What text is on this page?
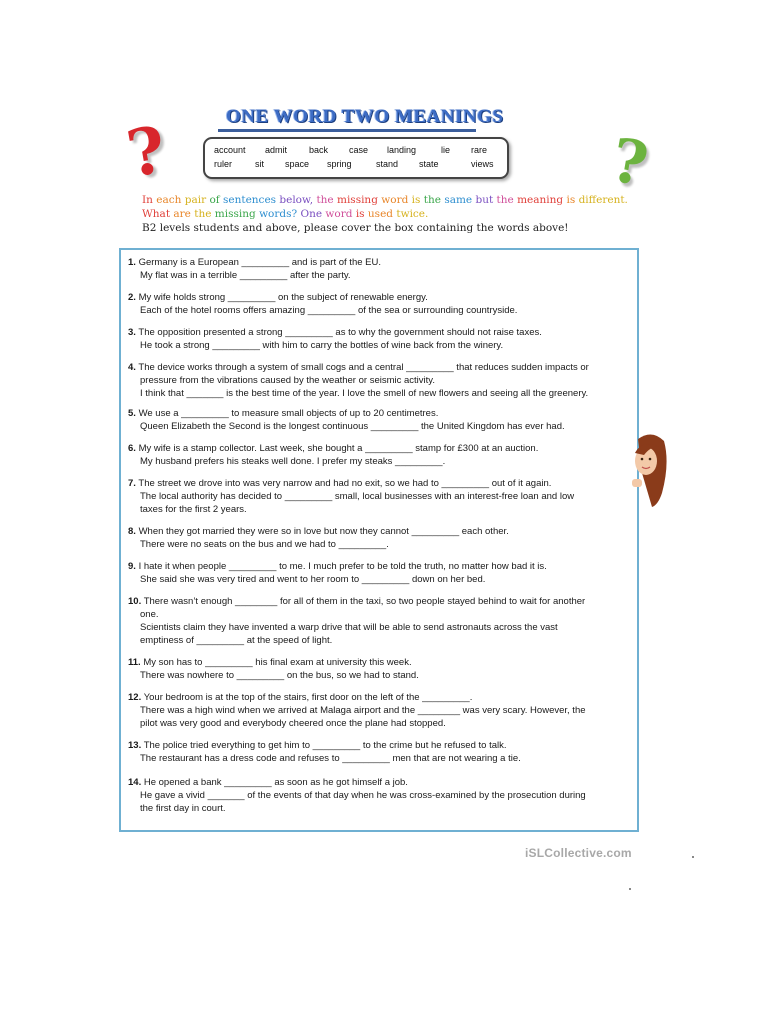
ONE WORD TWO MEANINGS
?	?
account admit back case landing	lie rare
ruler	sit space spring	stand state	views
In each pair of sentences below, the missing word is the same but the meaning is different.
What are the missing words? One word is used twice.
B2 levels students and above, please cover the box containing the words above!
1. Germany is a European _________ and is part of the EU.
My flat was in a terrible _________ after the party.
2. My wife holds strong _________ on the subject of renewable energy.
Each of the hotel rooms offers amazing _________ of the sea or surrounding countryside.
3. The opposition presented a strong _________ as to why the government should not raise taxes.
He took a strong _________ with him to carry the bottles of wine back from the winery.
4. The device works through a system of small cogs and a central _________ that reduces sudden impacts or
pressure from the vibrations caused by the weather or seismic activity.
I think that _______ is the best time of the year. I love the smell of new flowers and seeing all the greenery.
5. We use a _________ to measure small objects of up to 20 centimetres.
Queen Elizabeth the Second is the longest continuous _________ the United Kingdom has ever had.
6. My wife is a stamp collector. Last week, she bought a _________ stamp for £300 at an auction.
My husband prefers his steaks well done. I prefer my steaks _________.
7. The street we drove into was very narrow and had no exit, so we had to _________ out of it again.
The local authority has decided to _________ small, local businesses with an interest-free loan and low
taxes for the first 2 years.
8. When they got married they were so in love but now they cannot _________ each other.
There were no seats on the bus and we had to _________.
9. I hate it when people _________ to me. I much prefer to be told the truth, no matter how bad it is.
She said she was very tired and went to her room to _________ down on her bed.
10. There wasn’t enough ________ for all of them in the taxi, so two people stayed behind to wait for another
one.
Scientists claim they have invented a warp drive that will be able to send astronauts across the vast
emptiness of _________ at the speed of light.
11. My son has to _________ his final exam at university this week.
There was nowhere to _________ on the bus, so we had to stand.
12. Your bedroom is at the top of the stairs, first door on the left of the _________.
There was a high wind when we arrived at Malaga airport and the ________ was very scary. However, the
pilot was very good and everybody cheered once the plane had stopped.
13. The police tried everything to get him to _________ to the crime but he refused to talk.
The restaurant has a dress code and refuses to _________ men that are not wearing a tie.
14. He opened a bank _________ as soon as he got himself a job.
He gave a vivid _______ of the events of that day when he was cross-examined by the prosecution during
the first day in court.
iSLCollective.com
